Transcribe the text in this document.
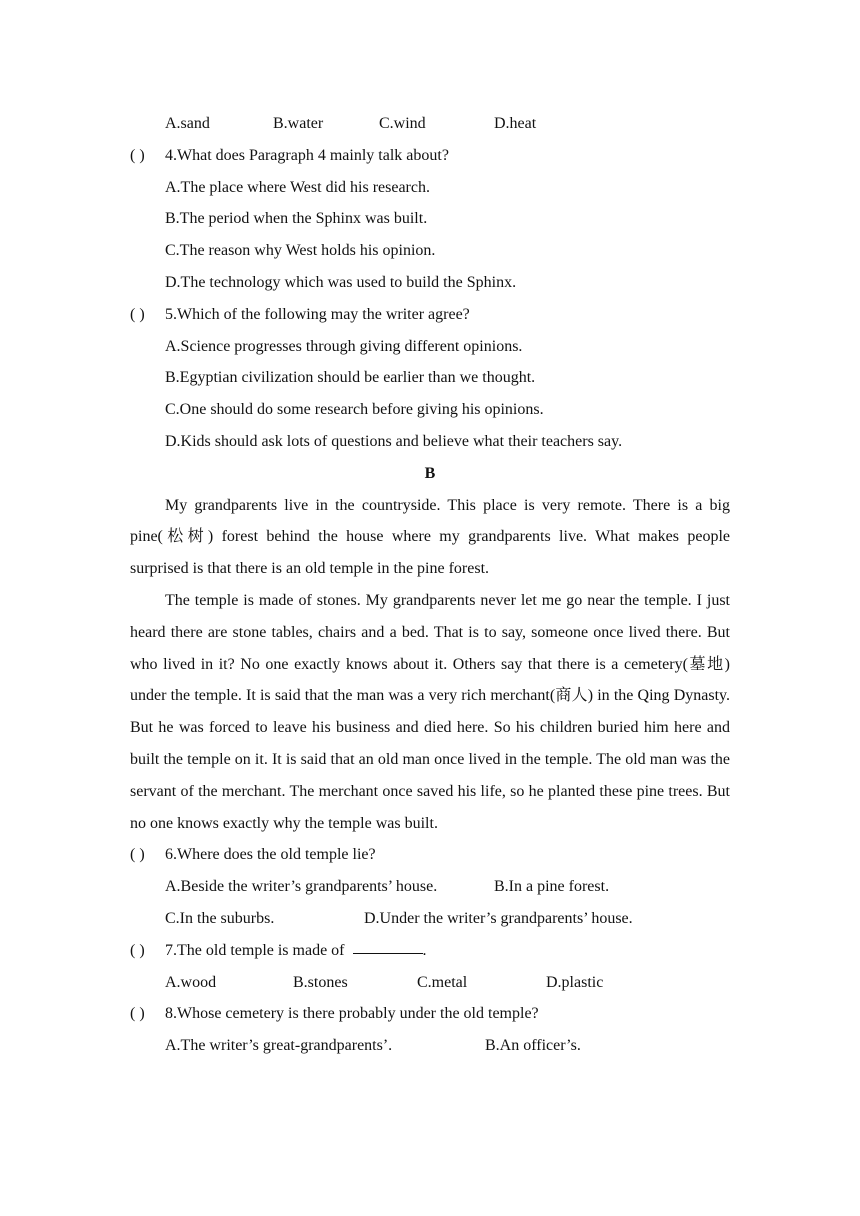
A.sand	B.water	C.wind	D.heat
( )	4.What does Paragraph 4 mainly talk about?
A.The place where West did his research.
B.The period when the Sphinx was built.
C.The reason why West holds his opinion.
D.The technology which was used to build the Sphinx.
( )	5.Which of the following may the writer agree?
A.Science progresses through giving different opinions.
B.Egyptian civilization should be earlier than we thought.
C.One should do some research before giving his opinions.
D.Kids should ask lots of questions and believe what their teachers say.
B

My grandparents live in the countryside. This place is very remote. There is a big pine(松树) forest behind the house where my grandparents live. What makes people surprised is that there is an old temple in the pine forest.

The temple is made of stones. My grandparents never let me go near the temple. I just heard there are stone tables, chairs and a bed. That is to say, someone once lived there. But who lived in it? No one exactly knows about it. Others say that there is a cemetery(墓地) under the temple. It is said that the man was a very rich merchant(商人) in the Qing Dynasty. But he was forced to leave his business and died here. So his children buried him here and built the temple on it. It is said that an old man once lived in the temple. The old man was the servant of the merchant. The merchant once saved his life, so he planted these pine trees. But no one knows exactly why the temple was built.

( )	6.Where does the old temple lie?
A.Beside the writer’s grandparents’ house.	B.In a pine forest.
C.In the suburbs.	D.Under the writer’s grandparents’ house.
( )	7.The old temple is made of	.
A.wood	B.stones	C.metal	D.plastic
( )	8.Whose cemetery is there probably under the old temple?
A.The writer’s great-grandparents’.	B.An officer’s.
